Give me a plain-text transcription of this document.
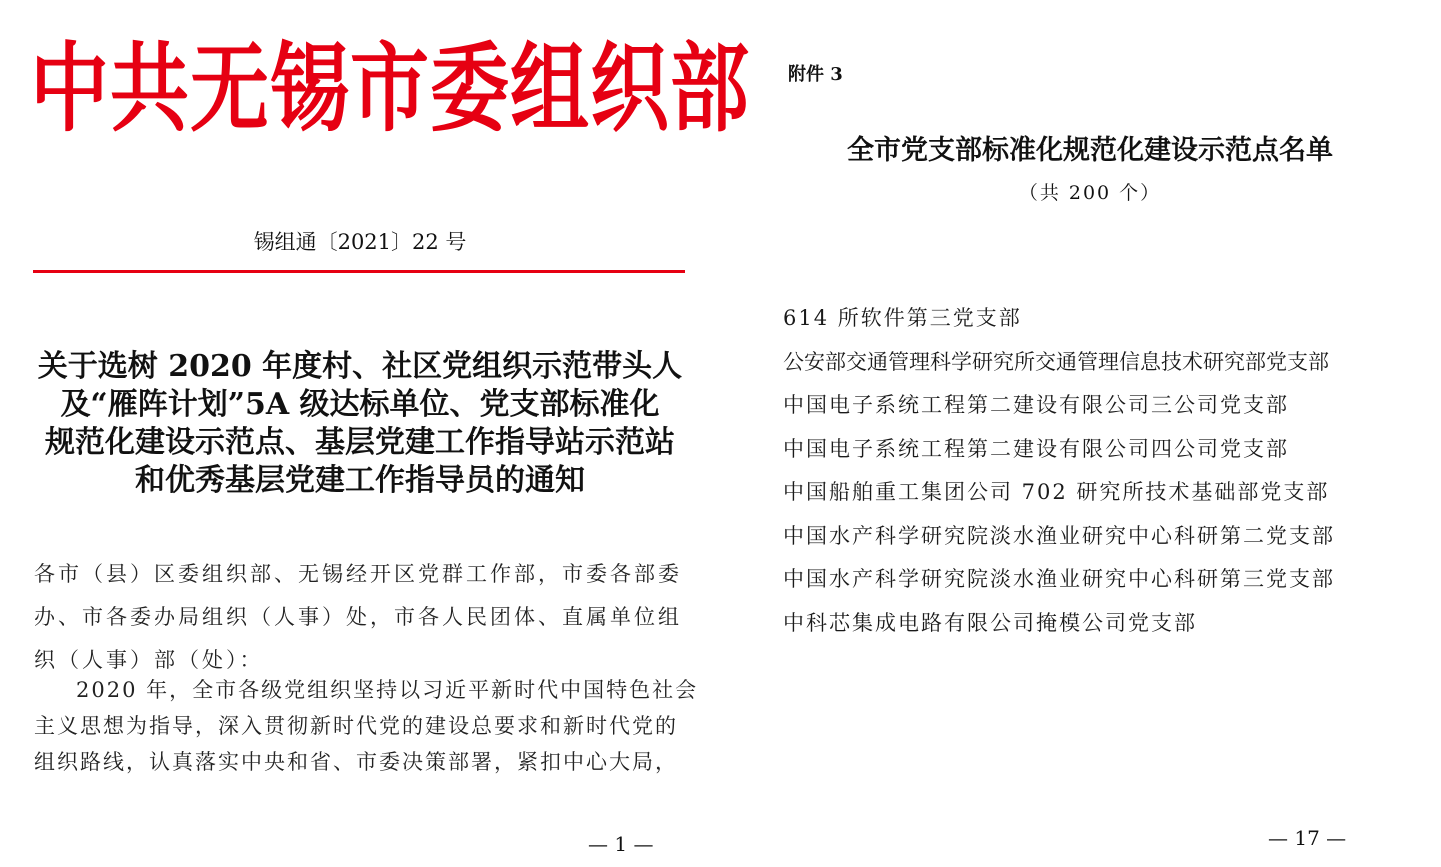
中共无锡市委组织部
锡组通〔2021〕22 号
关于选树 2020 年度村、社区党组织示范带头人
及“雁阵计划”5A 级达标单位、党支部标准化
规范化建设示范点、基层党建工作指导站示范站
和优秀基层党建工作指导员的通知
各市（县）区委组织部、无锡经开区党群工作部，市委各部委
办、市各委办局组织（人事）处，市各人民团体、直属单位组
织（人事）部（处）：
2020 年，全市各级党组织坚持以习近平新时代中国特色社会
主义思想为指导，深入贯彻新时代党的建设总要求和新时代党的
组织路线，认真落实中央和省、市委决策部署，紧扣中心大局，
— 1 —
附件 3
全市党支部标准化规范化建设示范点名单
（共 200 个）
614 所软件第三党支部
公安部交通管理科学研究所交通管理信息技术研究部党支部
中国电子系统工程第二建设有限公司三公司党支部
中国电子系统工程第二建设有限公司四公司党支部
中国船舶重工集团公司 702 研究所技术基础部党支部
中国水产科学研究院淡水渔业研究中心科研第二党支部
中国水产科学研究院淡水渔业研究中心科研第三党支部
中科芯集成电路有限公司掩模公司党支部
— 17 —
